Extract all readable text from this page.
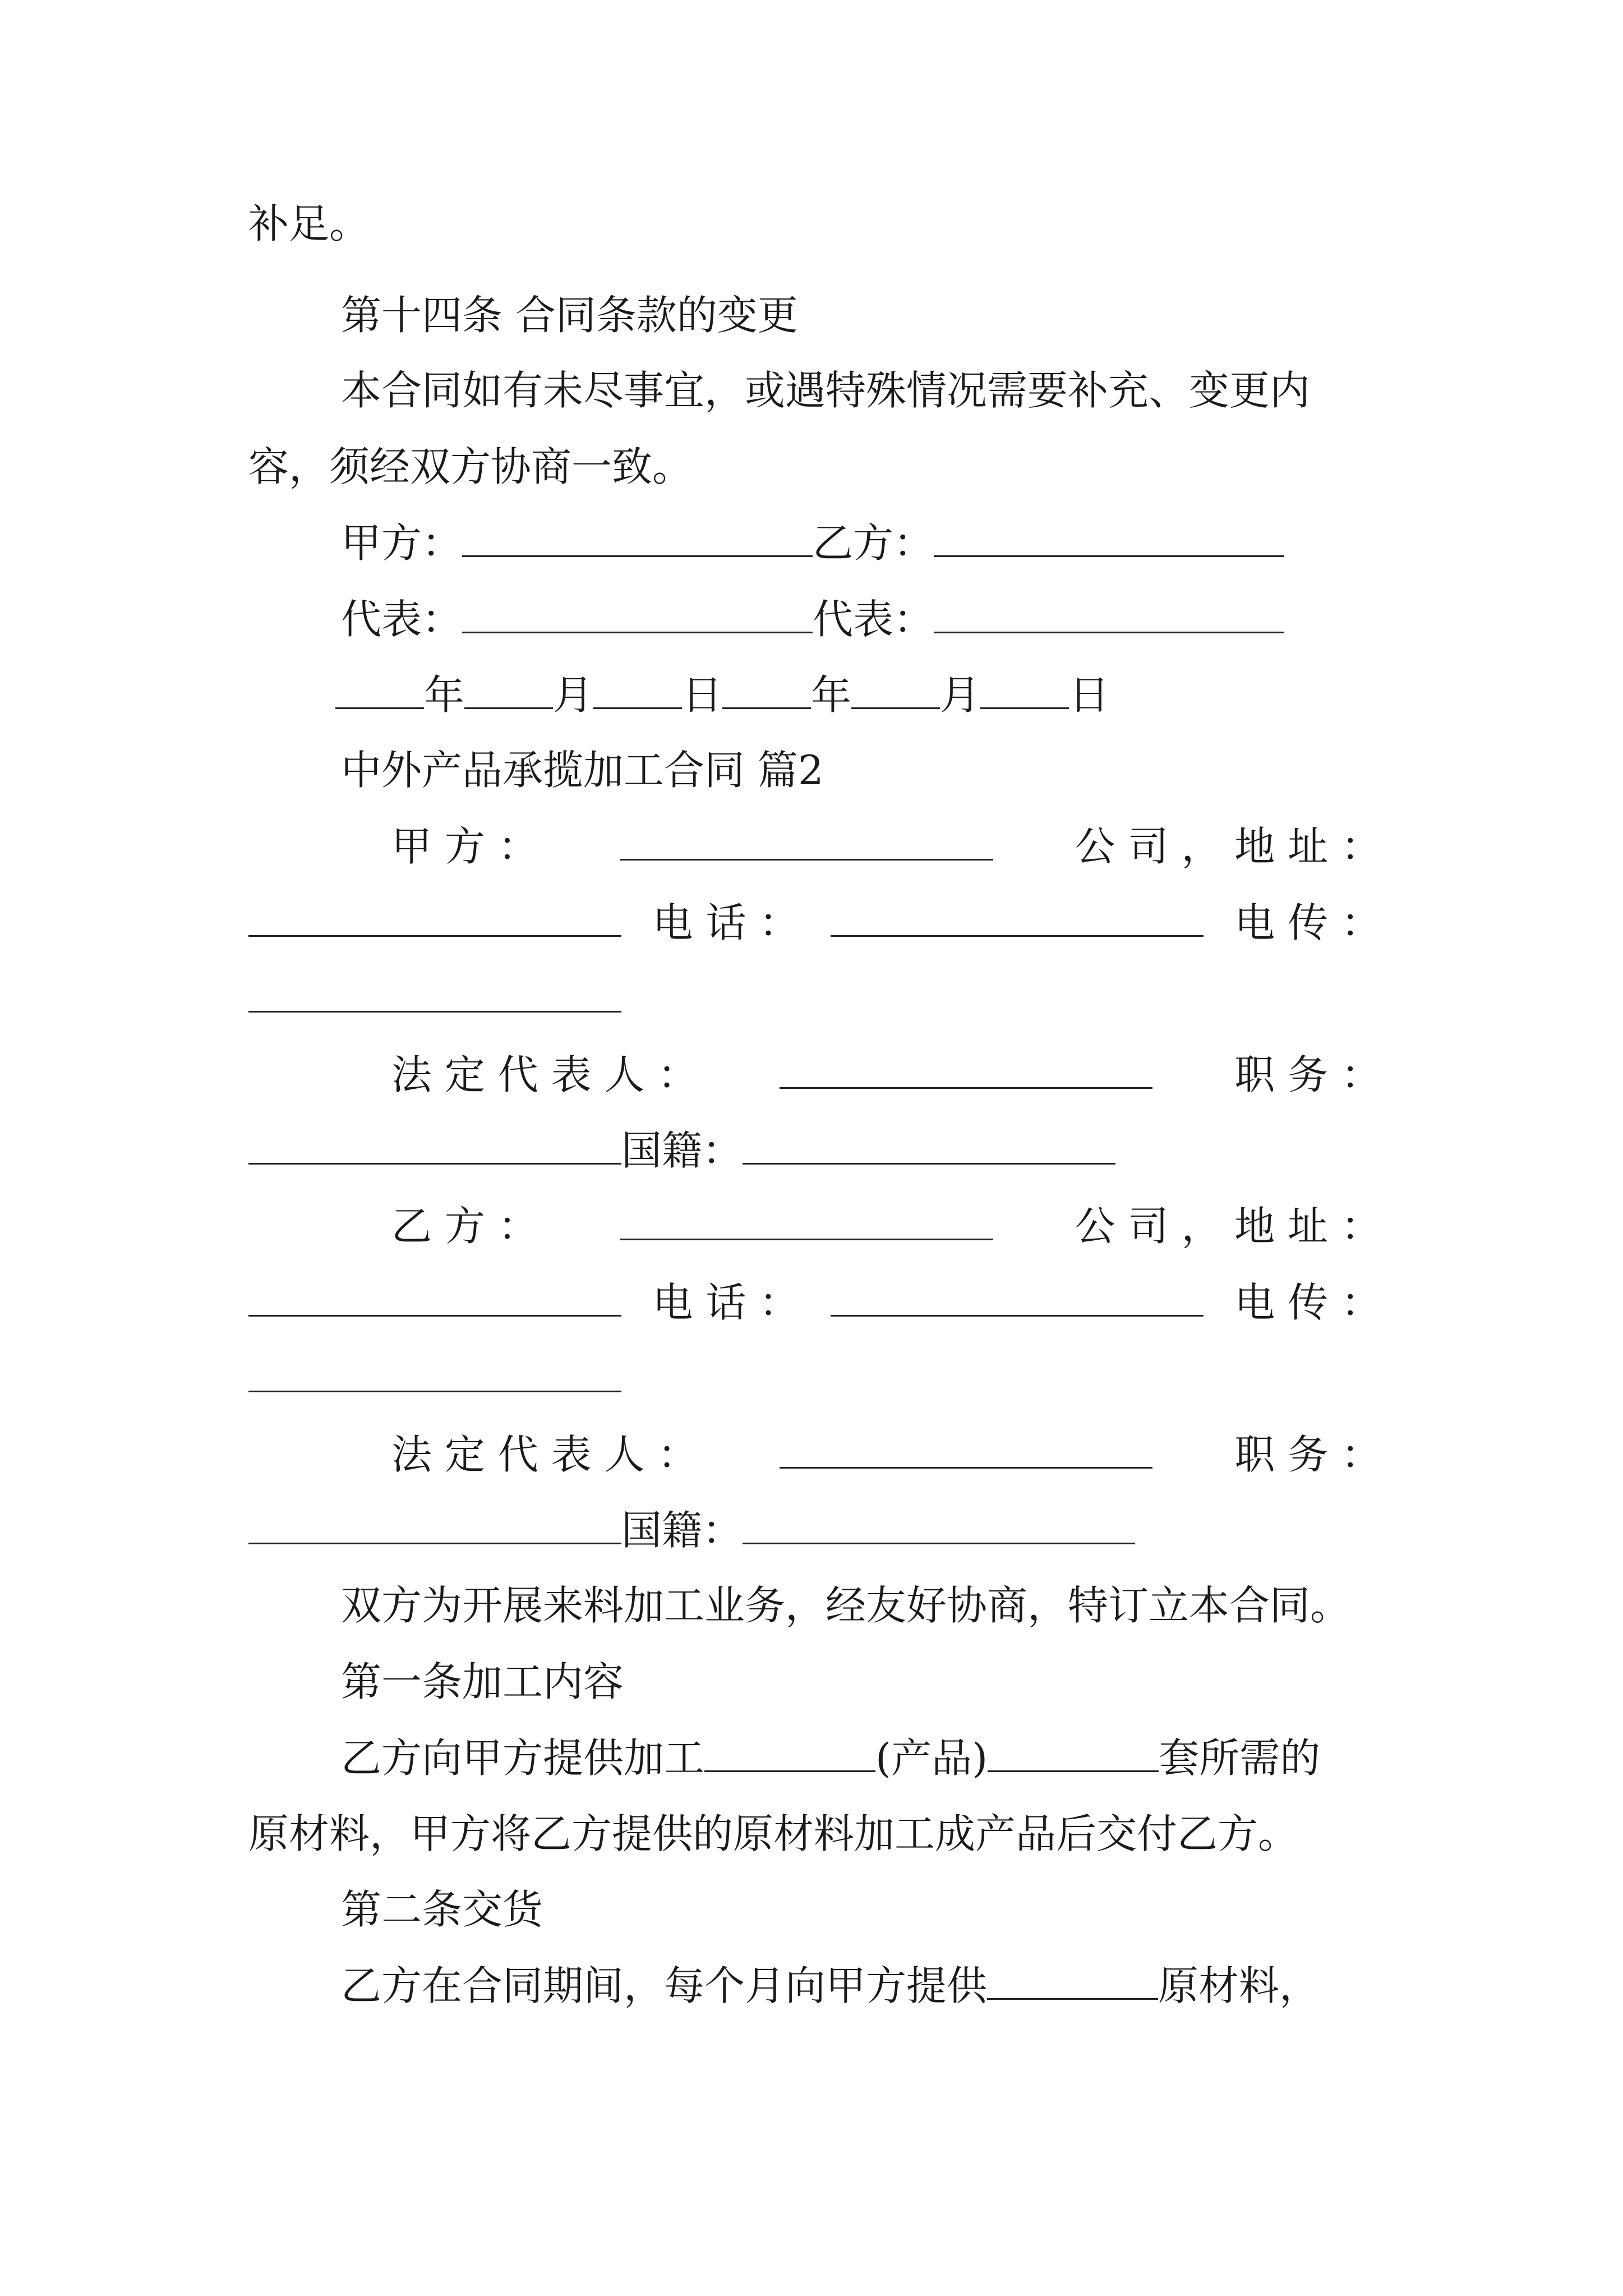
补足。
第十四条 合同条款的变更
本合同如有未尽事宜，或遇特殊情况需要补充、变更内
容，须经双方协商一致。
甲方：	乙方：
代表：	代表：
年 月 日 年 月 日
中外产品承揽加工合同 篇2
甲 方 ：	公 司 ， 地 址 ：
电 话 ：	电 传 ：
法 定 代 表 人 ：	职 务 ：
国籍：
乙 方 ：	公 司 ， 地 址 ：
电 话 ：	电 传 ：
法 定 代 表 人 ：	职 务 ：
国籍：
双方为开展来料加工业务，经友好协商，特订立本合同。
第一条加工内容
乙方向甲方提供加工	(产品)	套所需的
原材料，甲方将乙方提供的原材料加工成产品后交付乙方。
第二条交货
乙方在合同期间，每个月向甲方提供	原材料，
